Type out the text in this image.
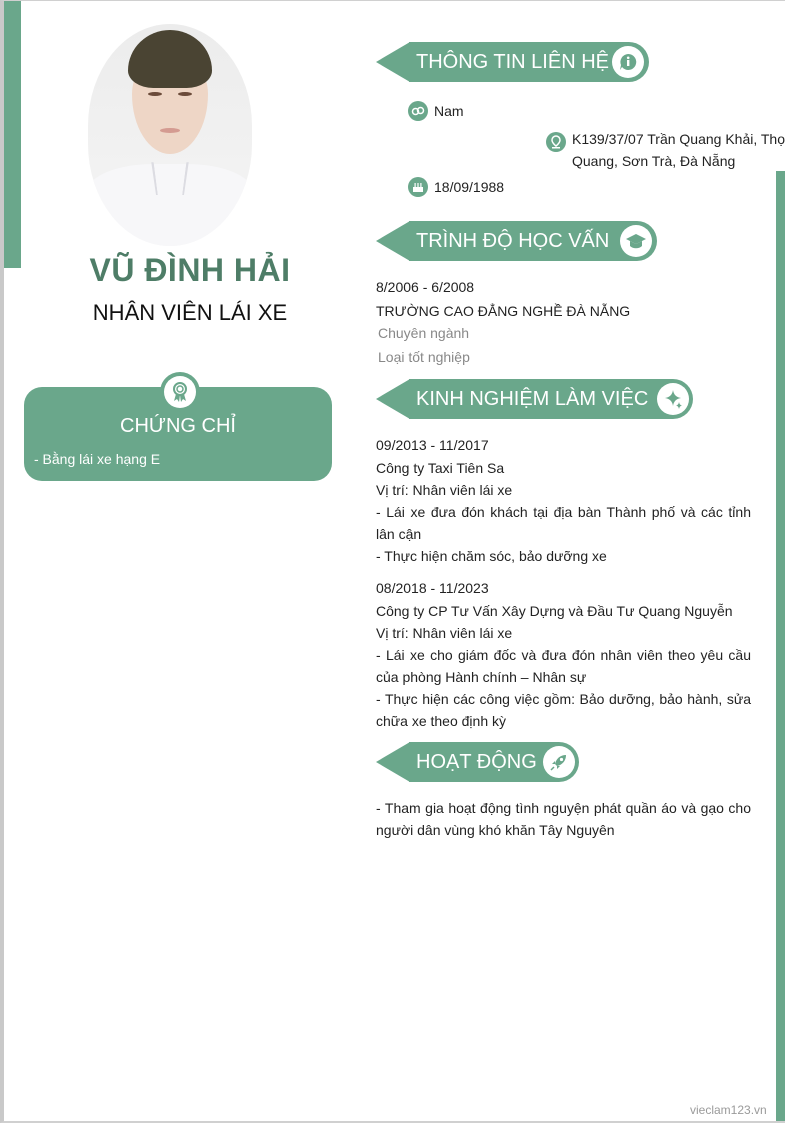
VŨ ĐÌNH HẢI
NHÂN VIÊN LÁI XE
CHỨNG CHỈ
- Bằng lái xe hạng E
THÔNG TIN LIÊN HỆ
Nam
K139/37/07 Trần Quang Khải, Thọ
Quang, Sơn Trà, Đà Nẵng
18/09/1988
TRÌNH ĐỘ HỌC VẤN
8/2006 - 6/2008
TRƯỜNG CAO ĐẲNG NGHỀ ĐÀ NẴNG
Chuyên ngành
Loại tốt nghiệp
KINH NGHIỆM LÀM VIỆC
09/2013 - 11/2017
Công ty Taxi Tiên Sa
Vị trí: Nhân viên lái xe
- Lái xe đưa đón khách tại địa bàn Thành phố và các tỉnh lân cận
- Thực hiện chăm sóc, bảo dưỡng xe
08/2018 - 11/2023
Công ty CP Tư Vấn Xây Dựng và Đầu Tư Quang Nguyễn
Vị trí: Nhân viên lái xe
- Lái xe cho giám đốc và đưa đón nhân viên theo yêu cầu của phòng Hành chính – Nhân sự
- Thực hiện các công việc gồm: Bảo dưỡng, bảo hành, sửa chữa xe theo định kỳ
HOẠT ĐỘNG
- Tham gia hoạt động tình nguyện phát quần áo và gạo cho người dân vùng khó khăn Tây Nguyên
vieclam123.vn
